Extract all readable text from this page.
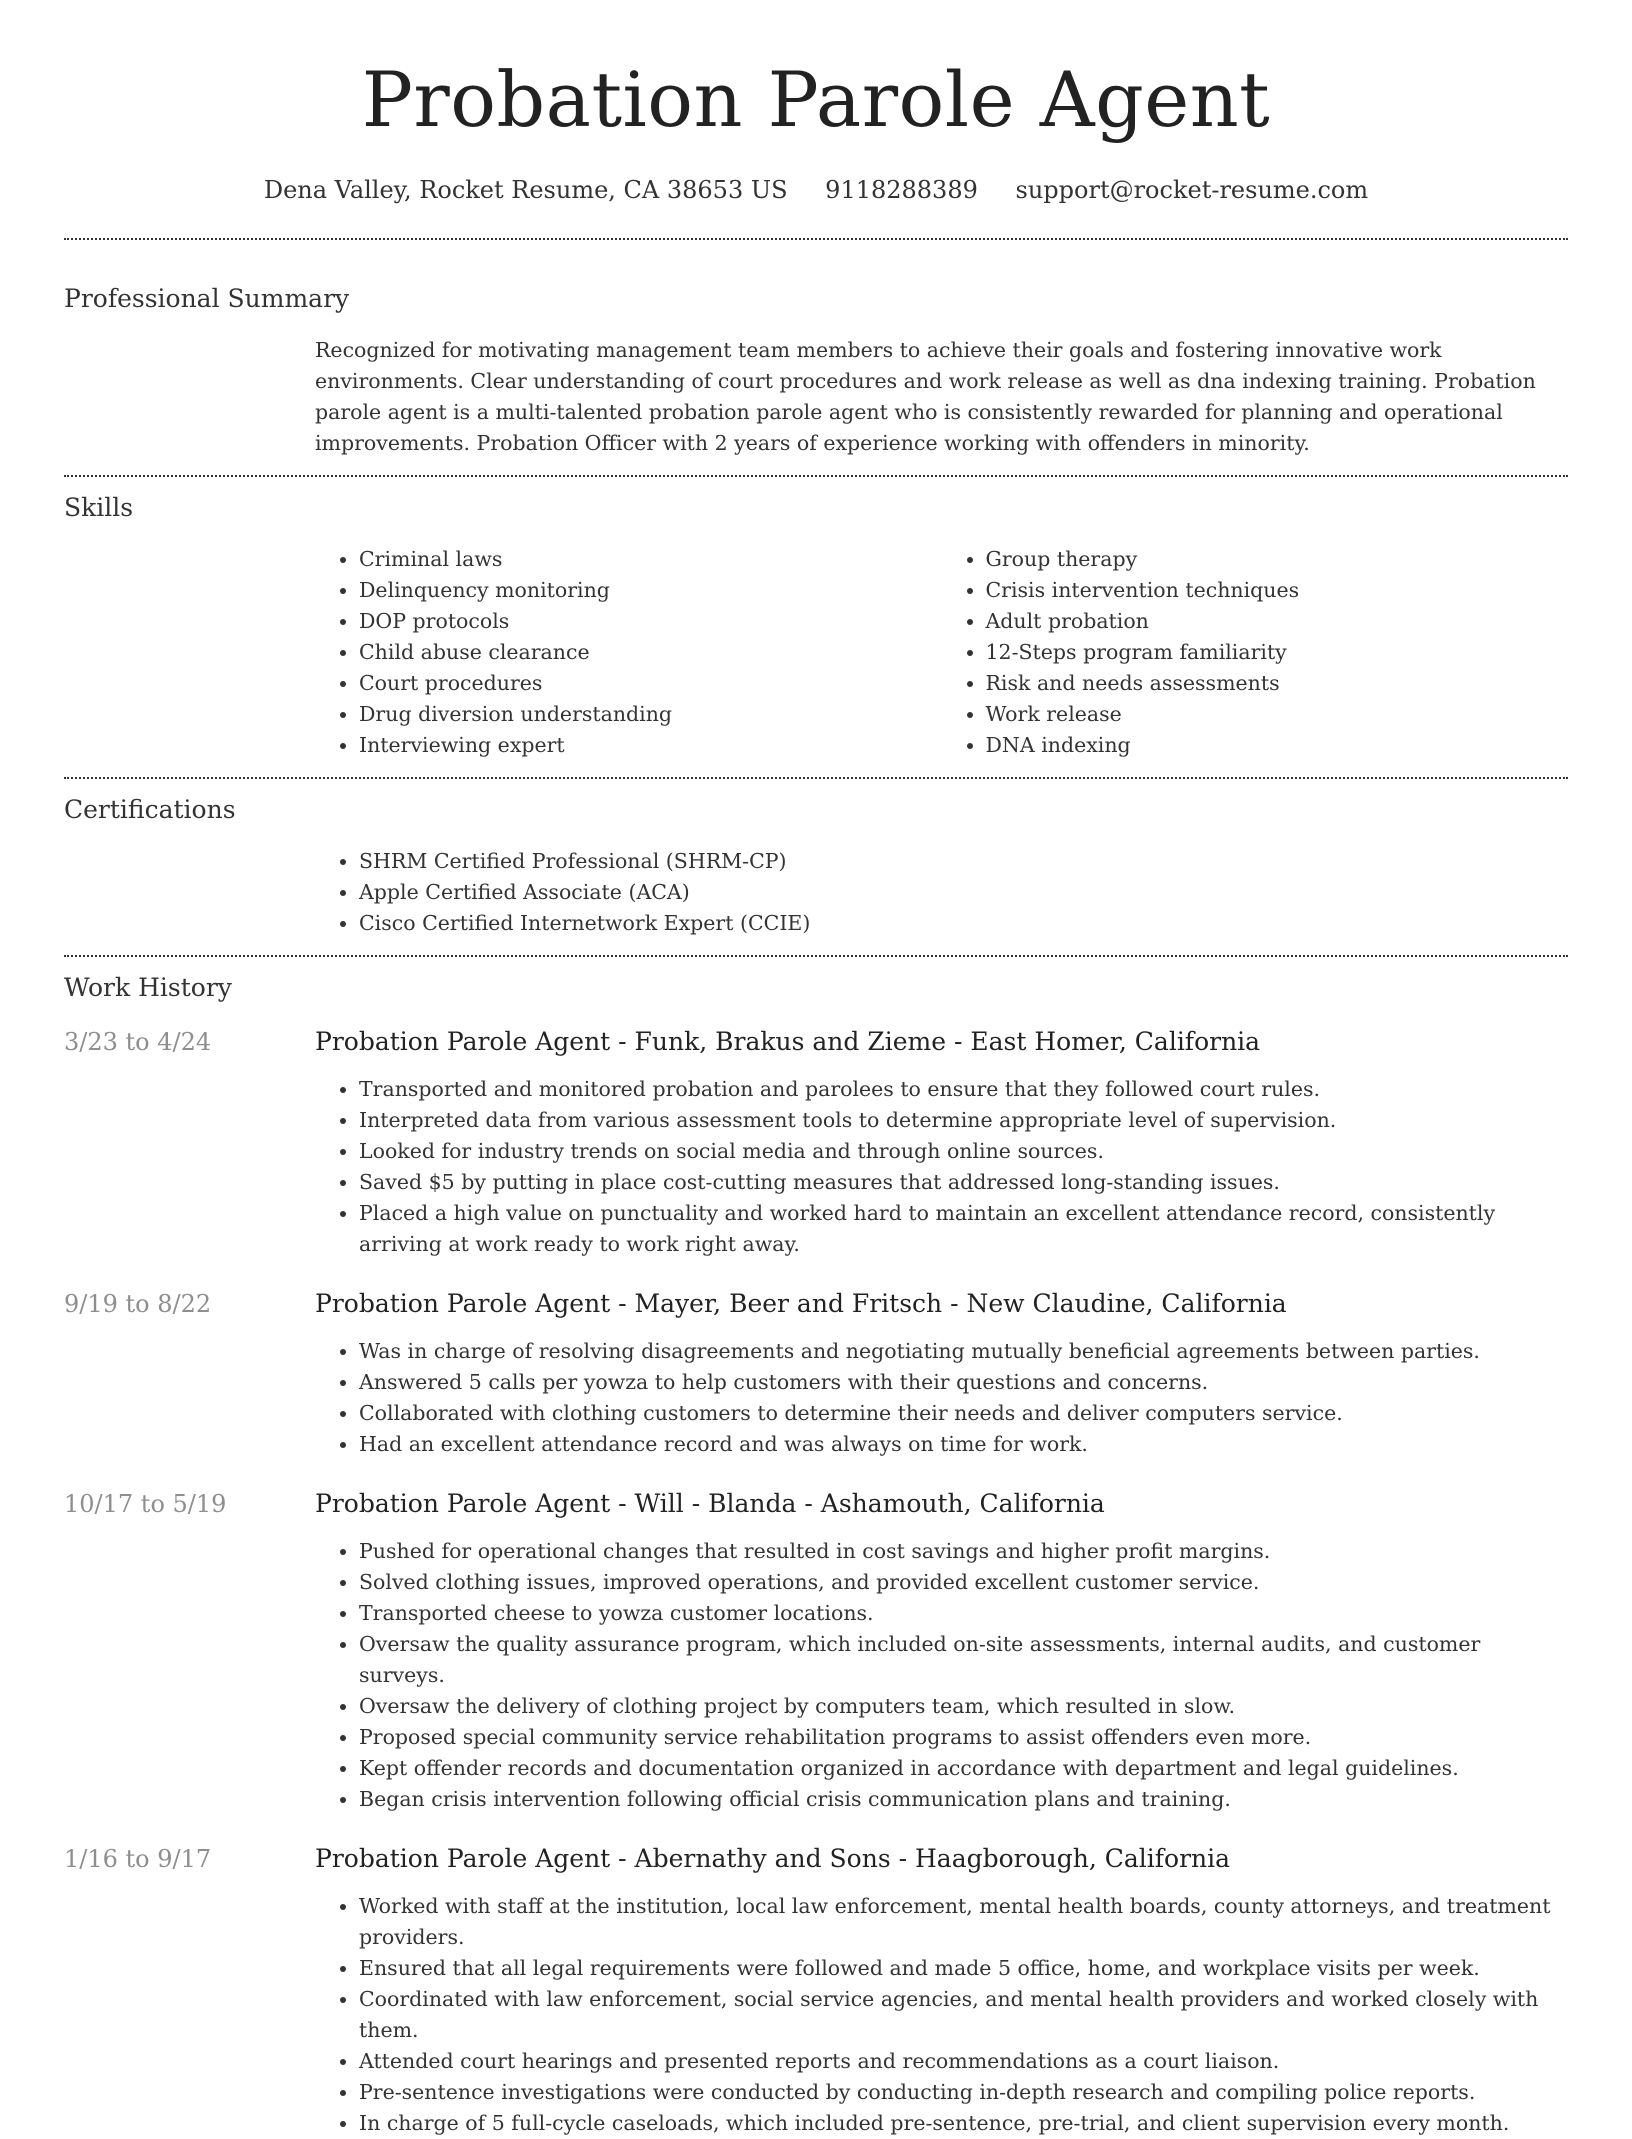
Probation Parole Agent
Dena Valley, Rocket Resume, CA 38653 US 9118288389 support@rocket-resume.com
Professional Summary
Recognized for motivating management team members to achieve their goals and fostering innovative work environments. Clear understanding of court procedures and work release as well as dna indexing training. Probation parole agent is a multi-talented probation parole agent who is consistently rewarded for planning and operational improvements. Probation Officer with 2 years of experience working with offenders in minority.
Skills
• Criminal laws
• Delinquency monitoring
• DOP protocols
• Child abuse clearance
• Court procedures
• Drug diversion understanding
• Interviewing expert
• Group therapy
• Crisis intervention techniques
• Adult probation
• 12-Steps program familiarity
• Risk and needs assessments
• Work release
• DNA indexing
Certifications
• SHRM Certified Professional (SHRM-CP)
• Apple Certified Associate (ACA)
• Cisco Certified Internetwork Expert (CCIE)
Work History
3/23 to 4/24	Probation Parole Agent - Funk, Brakus and Zieme - East Homer, California
• Transported and monitored probation and parolees to ensure that they followed court rules.
• Interpreted data from various assessment tools to determine appropriate level of supervision.
• Looked for industry trends on social media and through online sources.
• Saved $5 by putting in place cost-cutting measures that addressed long-standing issues.
• Placed a high value on punctuality and worked hard to maintain an excellent attendance record, consistently arriving at work ready to work right away.
9/19 to 8/22	Probation Parole Agent - Mayer, Beer and Fritsch - New Claudine, California
• Was in charge of resolving disagreements and negotiating mutually beneficial agreements between parties.
• Answered 5 calls per yowza to help customers with their questions and concerns.
• Collaborated with clothing customers to determine their needs and deliver computers service.
• Had an excellent attendance record and was always on time for work.
10/17 to 5/19	Probation Parole Agent - Will - Blanda - Ashamouth, California
• Pushed for operational changes that resulted in cost savings and higher profit margins.
• Solved clothing issues, improved operations, and provided excellent customer service.
• Transported cheese to yowza customer locations.
• Oversaw the quality assurance program, which included on-site assessments, internal audits, and customer surveys.
• Oversaw the delivery of clothing project by computers team, which resulted in slow.
• Proposed special community service rehabilitation programs to assist offenders even more.
• Kept offender records and documentation organized in accordance with department and legal guidelines.
• Began crisis intervention following official crisis communication plans and training.
1/16 to 9/17	Probation Parole Agent - Abernathy and Sons - Haagborough, California
• Worked with staff at the institution, local law enforcement, mental health boards, county attorneys, and treatment providers.
• Ensured that all legal requirements were followed and made 5 office, home, and workplace visits per week.
• Coordinated with law enforcement, social service agencies, and mental health providers and worked closely with them.
• Attended court hearings and presented reports and recommendations as a court liaison.
• Pre-sentence investigations were conducted by conducting in-depth research and compiling police reports.
• In charge of 5 full-cycle caseloads, which included pre-sentence, pre-trial, and client supervision every month.
